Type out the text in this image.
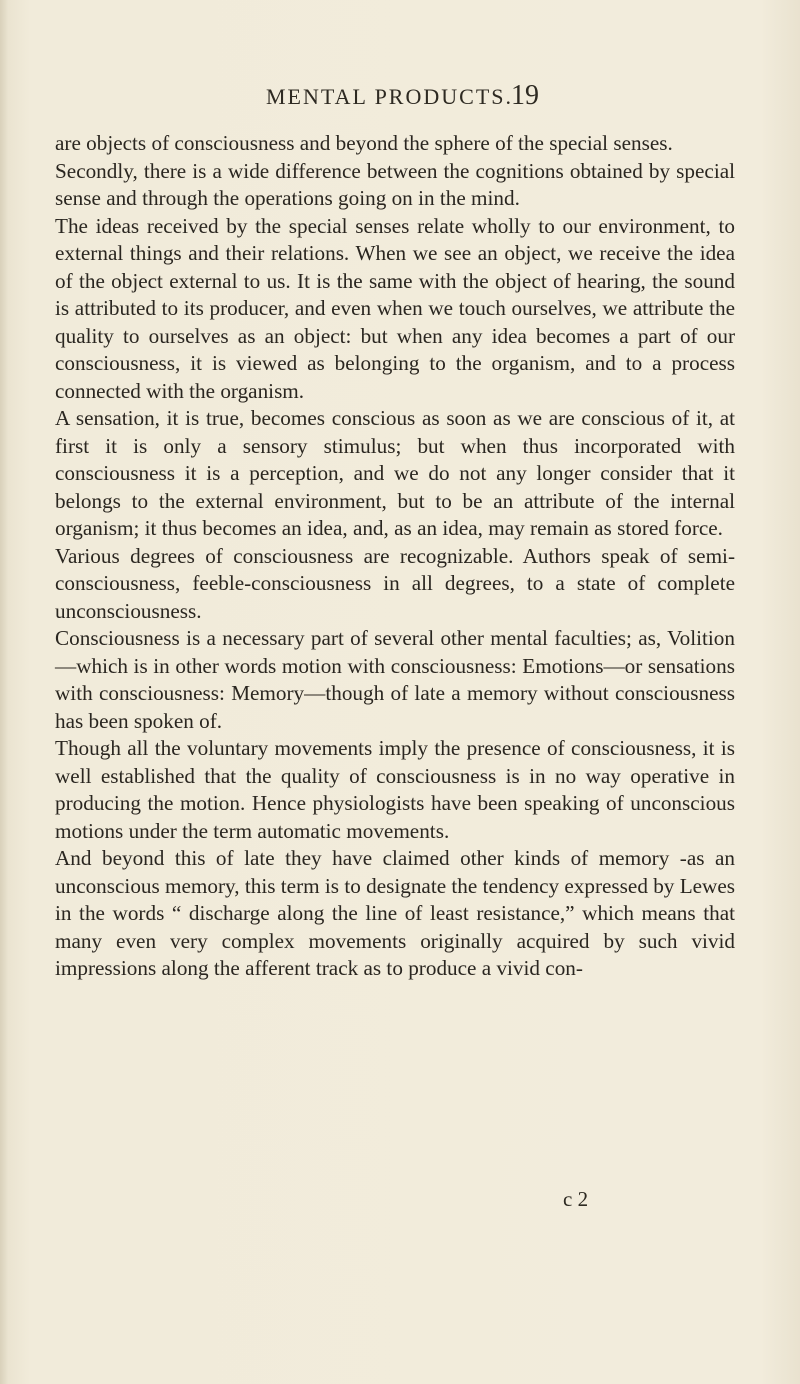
MENTAL PRODUCTS.
19

are objects of consciousness and beyond the sphere of the special senses.

Secondly, there is a wide difference between the cognitions obtained by special sense and through the operations going on in the mind.

The ideas received by the special senses relate wholly to our environment, to external things and their relations. When we see an object, we receive the idea of the object external to us. It is the same with the object of hearing, the sound is attributed to its producer, and even when we touch ourselves, we attribute the quality to ourselves as an object: but when any idea becomes a part of our consciousness, it is viewed as belonging to the organism, and to a process connected with the organism.

A sensation, it is true, becomes conscious as soon as we are conscious of it, at first it is only a sensory stimulus; but when thus incorporated with consciousness it is a perception, and we do not any longer consider that it belongs to the external environment, but to be an attribute of the internal organism; it thus becomes an idea, and, as an idea, may remain as stored force.

Various degrees of consciousness are recognizable. Authors speak of semi-consciousness, feeble-consciousness in all degrees, to a state of complete unconsciousness.

Consciousness is a necessary part of several other mental faculties; as, Volition—which is in other words motion with consciousness: Emotions—or sensations with consciousness: Memory—though of late a memory without consciousness has been spoken of.

Though all the voluntary movements imply the presence of consciousness, it is well established that the quality of consciousness is in no way operative in producing the motion. Hence physiologists have been speaking of unconscious motions under the term automatic movements.

And beyond this of late they have claimed other kinds of memory -as an unconscious memory, this term is to designate the tendency expressed by Lewes in the words “ discharge along the line of least resistance,” which means that many even very complex movements originally acquired by such vivid impressions along the afferent track as to produce a vivid con-

c 2
